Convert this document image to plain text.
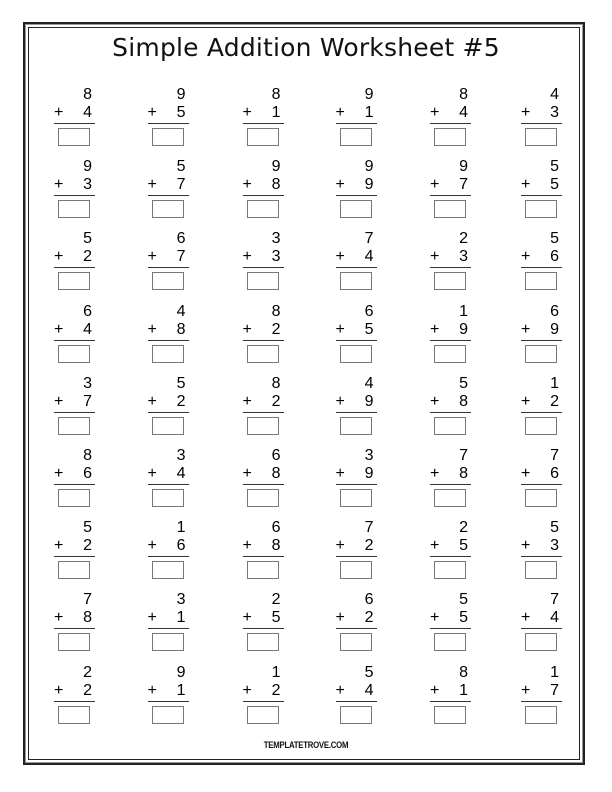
Simple Addition Worksheet #5
8
+ 4
9
+ 5
8
+ 1
9
+ 1
8
+ 4
4
+ 3
9
+ 3
5
+ 7
9
+ 8
9
+ 9
9
+ 7
5
+ 5
5
+ 2
6
+ 7
3
+ 3
7
+ 4
2
+ 3
5
+ 6
6
+ 4
4
+ 8
8
+ 2
6
+ 5
1
+ 9
6
+ 9
3
+ 7
5
+ 2
8
+ 2
4
+ 9
5
+ 8
1
+ 2
8
+ 6
3
+ 4
6
+ 8
3
+ 9
7
+ 8
7
+ 6
5
+ 2
1
+ 6
6
+ 8
7
+ 2
2
+ 5
5
+ 3
7
+ 8
3
+ 1
2
+ 5
6
+ 2
5
+ 5
7
+ 4
2
+ 2
9
+ 1
1
+ 2
5
+ 4
8
+ 1
1
+ 7
TEMPLATETROVE.COM
